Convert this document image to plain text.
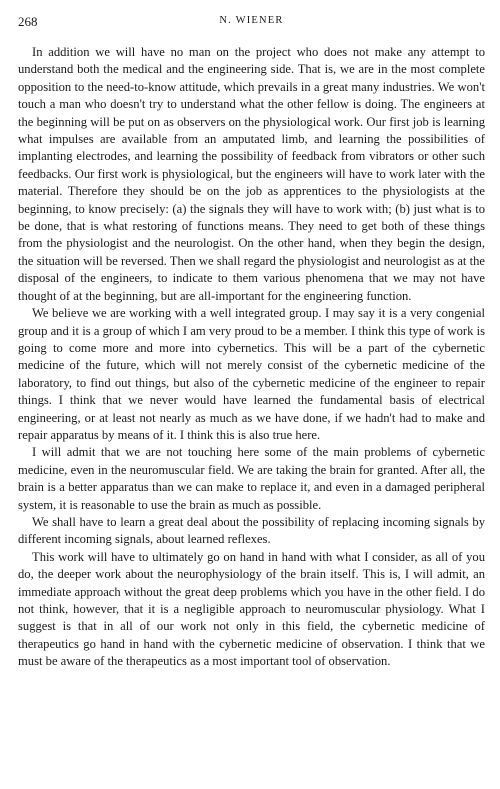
268	N. WIENER

In addition we will have no man on the project who does not make any attempt to understand both the medical and the engineering side. That is, we are in the most complete opposition to the need-to-know attitude, which prevails in a great many industries. We won't touch a man who doesn't try to understand what the other fellow is doing. The engineers at the beginning will be put on as observers on the physiological work. Our first job is learning what impulses are available from an amputated limb, and learning the possibilities of implanting electrodes, and learning the possibility of feedback from vibrators or other such feedbacks. Our first work is physiological, but the engineers will have to work later with the material. Therefore they should be on the job as apprentices to the physiologists at the beginning, to know precisely: (a) the signals they will have to work with; (b) just what is to be done, that is what restoring of functions means. They need to get both of these things from the physiologist and the neurologist. On the other hand, when they begin the design, the situation will be reversed. Then we shall regard the physiologist and neurologist as at the disposal of the engineers, to indicate to them various phenomena that we may not have thought of at the beginning, but are all-important for the engineering function.

We believe we are working with a well integrated group. I may say it is a very congenial group and it is a group of which I am very proud to be a member. I think this type of work is going to come more and more into cybernetics. This will be a part of the cybernetic medicine of the future, which will not merely consist of the cybernetic medicine of the laboratory, to find out things, but also of the cybernetic medicine of the engineer to repair things. I think that we never would have learned the fundamental basis of electrical engineering, or at least not nearly as much as we have done, if we hadn't had to make and repair apparatus by means of it. I think this is also true here.

I will admit that we are not touching here some of the main problems of cybernetic medicine, even in the neuromuscular field. We are taking the brain for granted. After all, the brain is a better apparatus than we can make to replace it, and even in a damaged peripheral system, it is reasonable to use the brain as much as possible.

We shall have to learn a great deal about the possibility of replacing incoming signals by different incoming signals, about learned reflexes.

This work will have to ultimately go on hand in hand with what I consider, as all of you do, the deeper work about the neurophysiology of the brain itself. This is, I will admit, an immediate approach without the great deep problems which you have in the other field. I do not think, however, that it is a negligible approach to neuromuscular physiology. What I suggest is that in all of our work not only in this field, the cybernetic medicine of therapeutics go hand in hand with the cybernetic medicine of observation. I think that we must be aware of the therapeutics as a most important tool of observation.
